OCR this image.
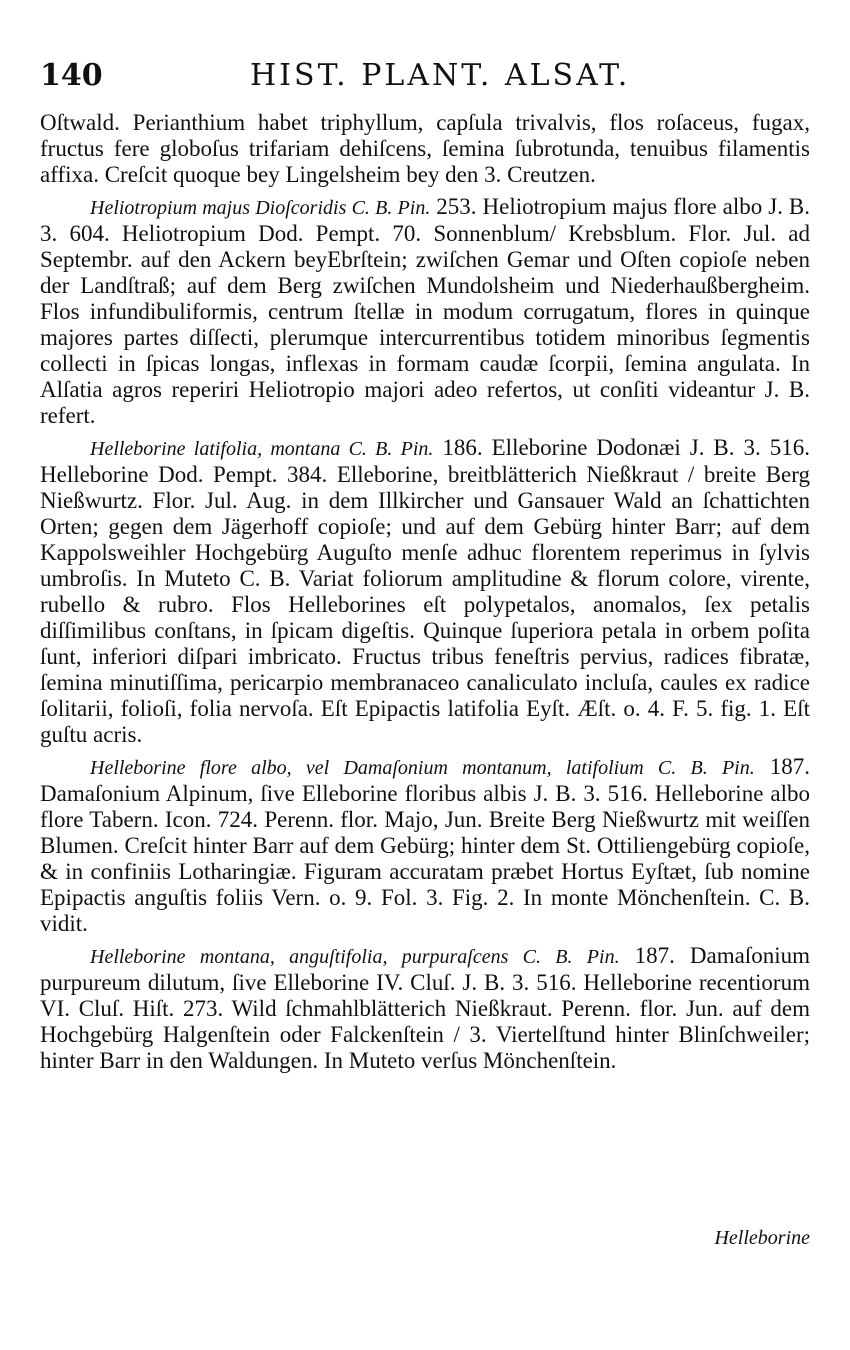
140	HIST. PLANT. ALSAT.

Oſtwald. Perianthium habet triphyllum, capſula trivalvis, flos roſaceus, fugax, fructus fere globoſus trifariam dehiſcens, ſemina ſubrotunda, tenuibus filamentis affixa. Creſcit quoque bey Lingelsheim bey den 3. Creutzen.

Heliotropium majus Dioſcoridis C. B. Pin. 253. Heliotropium majus flore albo J. B. 3. 604. Heliotropium Dod. Pempt. 70. Sonnenblum/ Krebsblum. Flor. Jul. ad Septembr. auf den Ackern beyEbrſtein; zwiſchen Gemar und Oſten copioſe neben der Landſtraß; auf dem Berg zwiſchen Mundolsheim und Niederhaußbergheim. Flos infundibuliformis, centrum ſtellæ in modum corrugatum, flores in quinque majores partes diſſecti, plerumque intercurrentibus totidem minoribus ſegmentis collecti in ſpicas longas, inflexas in formam caudæ ſcorpii, ſemina angulata. In Alſatia agros reperiri Heliotropio majori adeo refertos, ut conſiti videantur J. B. refert.

Helleborine latifolia, montana C. B. Pin. 186. Elleborine Dodonæi J. B. 3. 516. Helleborine Dod. Pempt. 384. Elleborine, breitblätterich Nießkraut / breite Berg Nießwurtz. Flor. Jul. Aug. in dem Illkircher und Gansauer Wald an ſchattichten Orten; gegen dem Jägerhoff copioſe; und auf dem Gebürg hinter Barr; auf dem Kappolsweihler Hochgebürg Auguſto menſe adhuc florentem reperimus in ſylvis umbroſis. In Muteto C. B. Variat foliorum amplitudine & florum colore, virente, rubello & rubro. Flos Helleborines eſt polypetalos, anomalos, ſex petalis diſſimilibus conſtans, in ſpicam digeſtis. Quinque ſuperiora petala in orbem poſita ſunt, inferiori diſpari imbricato. Fructus tribus feneſtris pervius, radices fibratæ, ſemina minutiſſima, pericarpio membranaceo canaliculato incluſa, caules ex radice ſolitarii, folioſi, folia nervoſa. Eſt Epipactis latifolia Eyſt. Æſt. o. 4. F. 5. fig. 1. Eſt guſtu acris.

Helleborine flore albo, vel Damaſonium montanum, latifolium C. B. Pin. 187. Damaſonium Alpinum, ſive Elleborine floribus albis J. B. 3. 516. Helleborine albo flore Tabern. Icon. 724. Perenn. flor. Majo, Jun. Breite Berg Nießwurtz mit weiſſen Blumen. Creſcit hinter Barr auf dem Gebürg; hinter dem St. Ottiliengebürg copioſe, & in confiniis Lotharingiæ. Figuram accuratam præbet Hortus Eyſtæt, ſub nomine Epipactis anguſtis foliis Vern. o. 9. Fol. 3. Fig. 2. In monte Mönchenſtein. C. B. vidit.

Helleborine montana, anguſtifolia, purpuraſcens C. B. Pin. 187. Damaſonium purpureum dilutum, ſive Elleborine IV. Cluſ. J. B. 3. 516. Helleborine recentiorum VI. Cluſ. Hiſt. 273. Wild ſchmahlblätterich Nießkraut. Perenn. flor. Jun. auf dem Hochgebürg Halgenſtein oder Falckenſtein / 3. Viertelſtund hinter Blinſchweiler; hinter Barr in den Waldungen. In Muteto verſus Mönchenſtein.

Helleborine
